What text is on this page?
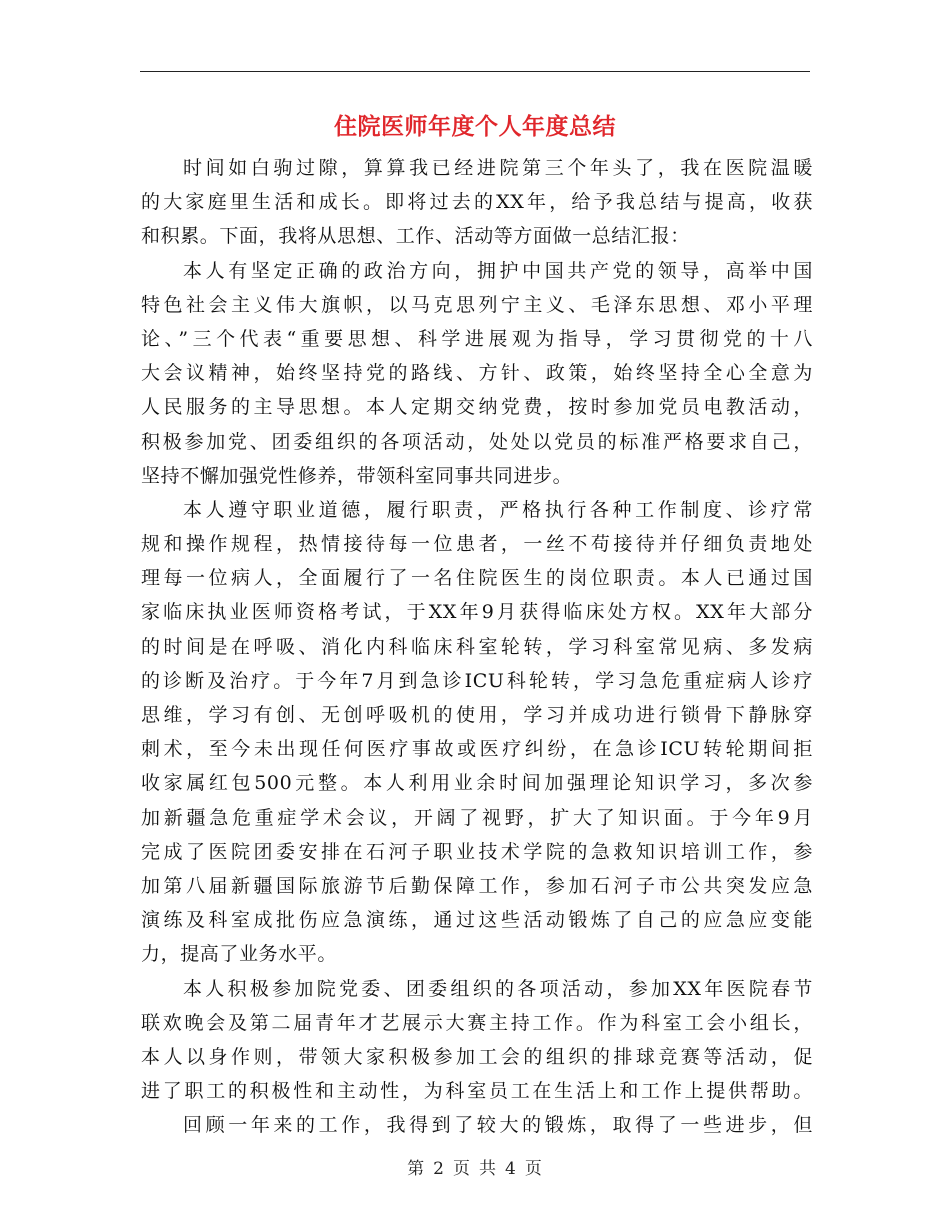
住院医师年度个人年度总结
时间如白驹过隙，算算我已经进院第三个年头了，我在医院温暖
的大家庭里生活和成长。即将过去的XX年，给予我总结与提高，收获
和积累。下面，我将从思想、工作、活动等方面做一总结汇报：
本人有坚定正确的政治方向，拥护中国共产党的领导，高举中国
特色社会主义伟大旗帜，以马克思列宁主义、毛泽东思想、邓小平理
论、”三个代表“重要思想、科学进展观为指导，学习贯彻党的十八
大会议精神，始终坚持党的路线、方针、政策，始终坚持全心全意为
人民服务的主导思想。本人定期交纳党费，按时参加党员电教活动，
积极参加党、团委组织的各项活动，处处以党员的标准严格要求自己，
坚持不懈加强党性修养，带领科室同事共同进步。
本人遵守职业道德，履行职责，严格执行各种工作制度、诊疗常
规和操作规程，热情接待每一位患者，一丝不苟接待并仔细负责地处
理每一位病人，全面履行了一名住院医生的岗位职责。本人已通过国
家临床执业医师资格考试，于XX年9月获得临床处方权。XX年大部分
的时间是在呼吸、消化内科临床科室轮转，学习科室常见病、多发病
的诊断及治疗。于今年7月到急诊ICU科轮转，学习急危重症病人诊疗
思维，学习有创、无创呼吸机的使用，学习并成功进行锁骨下静脉穿
刺术，至今未出现任何医疗事故或医疗纠纷，在急诊ICU转轮期间拒
收家属红包500元整。本人利用业余时间加强理论知识学习，多次参
加新疆急危重症学术会议，开阔了视野，扩大了知识面。于今年9月
完成了医院团委安排在石河子职业技术学院的急救知识培训工作，参
加第八届新疆国际旅游节后勤保障工作，参加石河子市公共突发应急
演练及科室成批伤应急演练，通过这些活动锻炼了自己的应急应变能
力，提高了业务水平。
本人积极参加院党委、团委组织的各项活动，参加XX年医院春节
联欢晚会及第二届青年才艺展示大赛主持工作。作为科室工会小组长，
本人以身作则，带领大家积极参加工会的组织的排球竞赛等活动，促
进了职工的积极性和主动性，为科室员工在生活上和工作上提供帮助。
回顾一年来的工作，我得到了较大的锻炼，取得了一些进步，但
第 2 页 共 4 页
